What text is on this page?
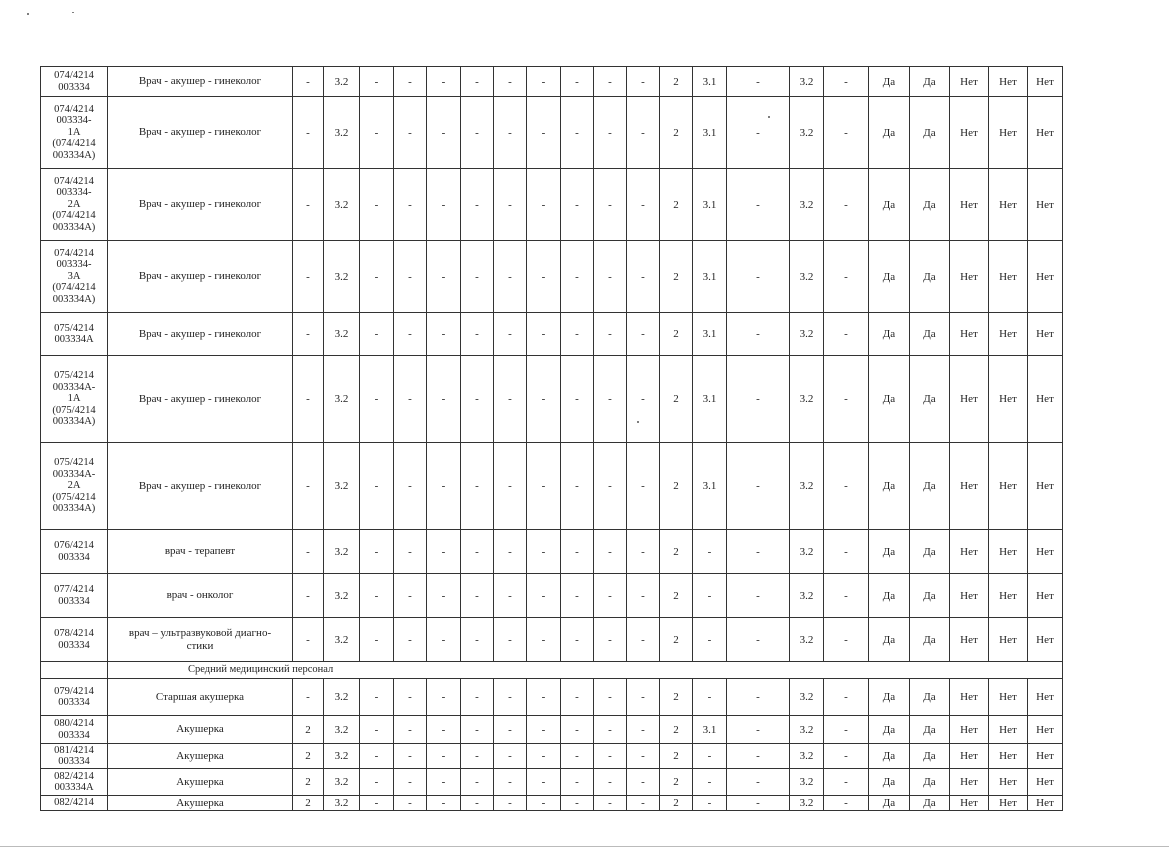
074/4214
003334	Врач - акушер - гинеколог	-	3.2	-	-	-	-	-	-	-	-	-	2	3.1	-	3.2	-	Да	Да	Нет	Нет	Нет	
074/4214
003334-
1А
(074/4214
003334А)	Врач - акушер - гинеколог	-	3.2	-	-	-	-	-	-	-	-	-	2	3.1	-	3.2	-	Да	Да	Нет	Нет	Нет	
074/4214
003334-
2А
(074/4214
003334А)	Врач - акушер - гинеколог	-	3.2	-	-	-	-	-	-	-	-	-	2	3.1	-	3.2	-	Да	Да	Нет	Нет	Нет	
074/4214
003334-
3А
(074/4214
003334А)	Врач - акушер - гинеколог	-	3.2	-	-	-	-	-	-	-	-	-	2	3.1	-	3.2	-	Да	Да	Нет	Нет	Нет	
075/4214
003334А	Врач - акушер - гинеколог	-	3.2	-	-	-	-	-	-	-	-	-	2	3.1	-	3.2	-	Да	Да	Нет	Нет	Нет	
075/4214
003334А-
1А
(075/4214
003334А)	Врач - акушер - гинеколог	-	3.2	-	-	-	-	-	-	-	-	-	2	3.1	-	3.2	-	Да	Да	Нет	Нет	Нет	
075/4214
003334А-
2А
(075/4214
003334А)	Врач - акушер - гинеколог	-	3.2	-	-	-	-	-	-	-	-	-	2	3.1	-	3.2	-	Да	Да	Нет	Нет	Нет	
076/4214
003334	врач - терапевт	-	3.2	-	-	-	-	-	-	-	-	-	2	-	-	3.2	-	Да	Да	Нет	Нет	Нет	
077/4214
003334	врач - онколог	-	3.2	-	-	-	-	-	-	-	-	-	2	-	-	3.2	-	Да	Да	Нет	Нет	Нет	
078/4214
003334	врач – ультразвуковой диагно-
стики	-	3.2	-	-	-	-	-	-	-	-	-	2	-	-	3.2	-	Да	Да	Нет	Нет	Нет	
	Средний медицинский персонал																						
079/4214
003334	Старшая акушерка	-	3.2	-	-	-	-	-	-	-	-	-	2	-	-	3.2	-	Да	Да	Нет	Нет	Нет	
080/4214
003334	Акушерка	2	3.2	-	-	-	-	-	-	-	-	-	2	3.1	-	3.2	-	Да	Да	Нет	Нет	Нет	
081/4214
003334	Акушерка	2	3.2	-	-	-	-	-	-	-	-	-	2	-	-	3.2	-	Да	Да	Нет	Нет	Нет	
082/4214
003334А	Акушерка	2	3.2	-	-	-	-	-	-	-	-	-	2	-	-	3.2	-	Да	Да	Нет	Нет	Нет	
082/4214	Акушерка	2	3.2	-	-	-	-	-	-	-	-	-	2	-	-	3.2	-	Да	Да	Нет	Нет	Нет	
